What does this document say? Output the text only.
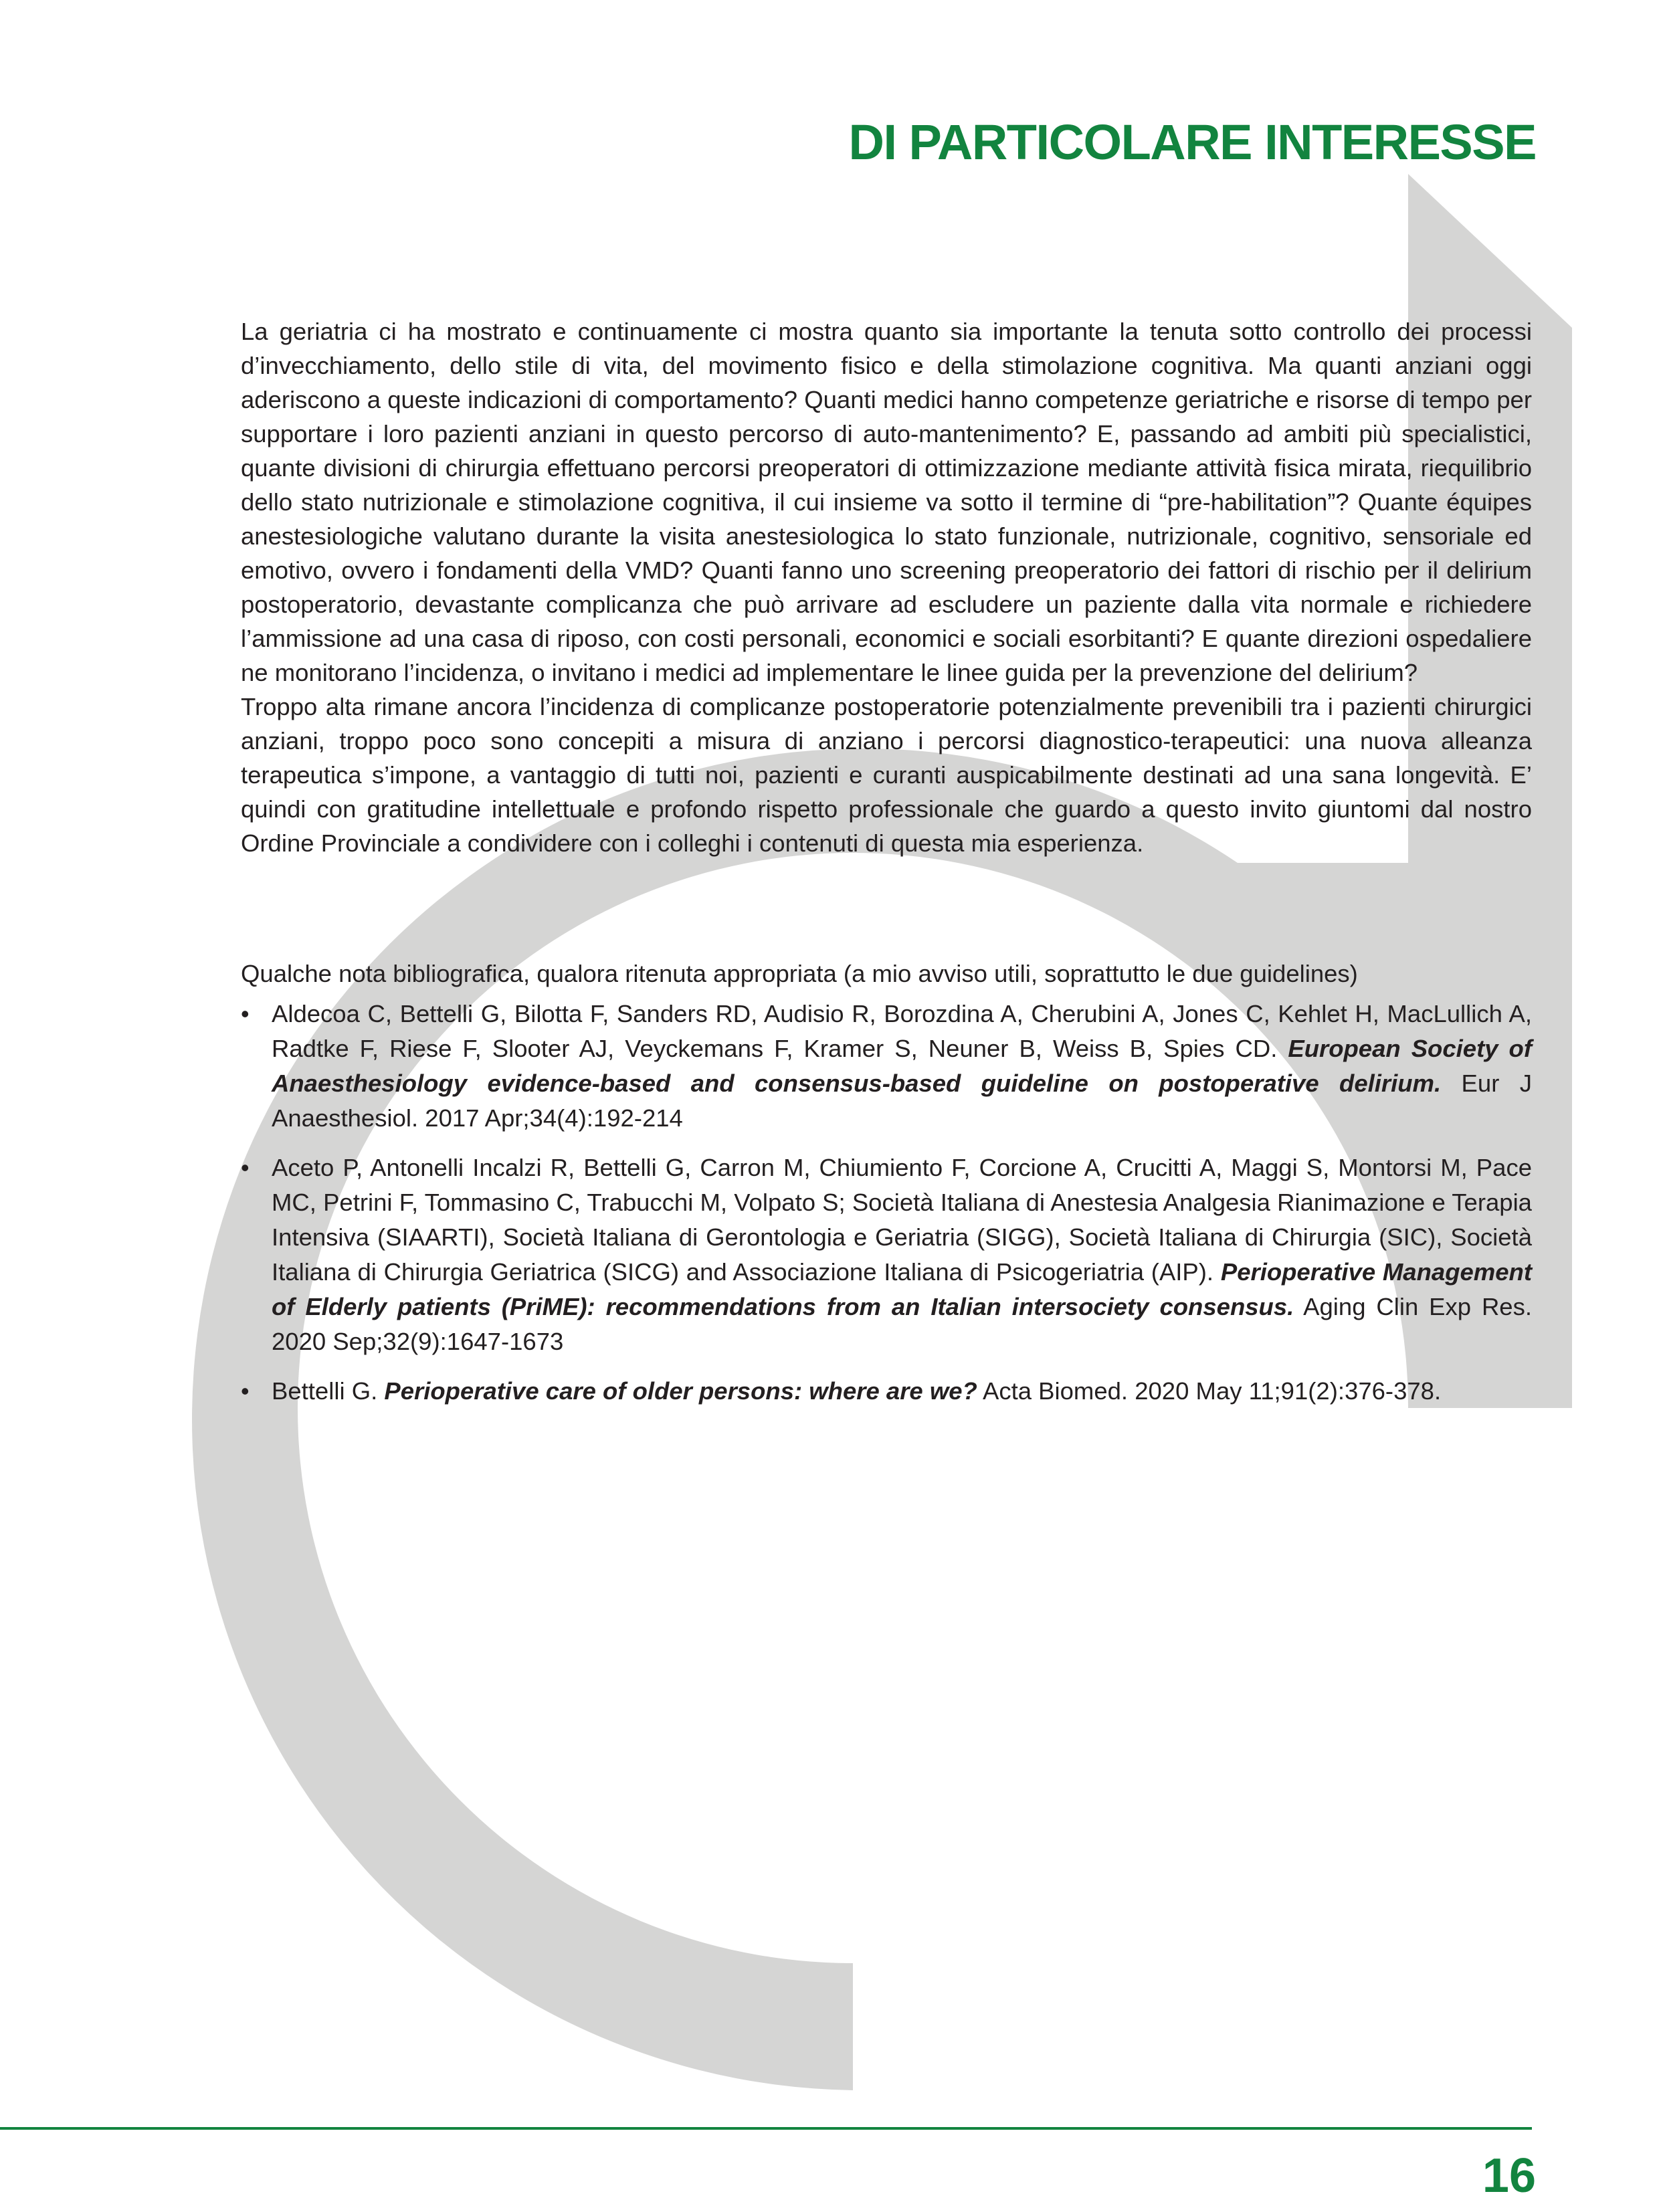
DI PARTICOLARE INTERESSE

La geriatria ci ha mostrato e continuamente ci mostra quanto sia importante la tenuta sotto controllo dei processi d’invecchiamento, dello stile di vita, del movimento fisico e della stimolazione cognitiva. Ma quanti anziani oggi aderiscono a queste indicazioni di comportamento? Quanti medici hanno competenze geriatriche e risorse di tempo per supportare i loro pazienti anziani in questo percorso di auto-mantenimento? E, passando ad ambiti più specialistici, quante divisioni di chirurgia effettuano percorsi preoperatori di ottimizzazione mediante attività fisica mirata, riequilibrio dello stato nutrizionale e stimolazione cognitiva, il cui insieme va sotto il termine di “pre-habilitation”? Quante équipes anestesiologiche valutano durante la visita anestesiologica lo stato funzionale, nutrizionale, cognitivo, sensoriale ed emotivo, ovvero i fondamenti della VMD? Quanti fanno uno screening preoperatorio dei fattori di rischio per il delirium postoperatorio, devastante complicanza che può arrivare ad escludere un paziente dalla vita normale e richiedere l’ammissione ad una casa di riposo, con costi personali, economici e sociali esorbitanti? E quante direzioni ospedaliere ne monitorano l’incidenza, o invitano i medici ad implementare le linee guida per la prevenzione del delirium?

Troppo alta rimane ancora l’incidenza di complicanze postoperatorie potenzialmente prevenibili tra i pazienti chirurgici anziani, troppo poco sono concepiti a misura di anziano i percorsi diagnostico-terapeutici: una nuova alleanza terapeutica s’impone, a vantaggio di tutti noi, pazienti e curanti auspicabilmente destinati ad una sana longevità. E’ quindi con gratitudine intellettuale e profondo rispetto professionale che guardo a questo invito giuntomi dal nostro Ordine Provinciale a condividere con i colleghi i contenuti di questa mia esperienza.

Qualche nota bibliografica, qualora ritenuta appropriata (a mio avviso utili, soprattutto le due guidelines)

• Aldecoa C, Bettelli G, Bilotta F, Sanders RD, Audisio R, Borozdina A, Cherubini A, Jones C, Kehlet H, MacLullich A, Radtke F, Riese F, Slooter AJ, Veyckemans F, Kramer S, Neuner B, Weiss B, Spies CD. European Society of Anaesthesiology evidence-based and consensus-based guideline on postoperative delirium. Eur J Anaesthesiol. 2017 Apr;34(4):192-214
• Aceto P, Antonelli Incalzi R, Bettelli G, Carron M, Chiumiento F, Corcione A, Crucitti A, Maggi S, Montorsi M, Pace MC, Petrini F, Tommasino C, Trabucchi M, Volpato S; Società Italiana di Anestesia Analgesia Rianimazione e Terapia Intensiva (SIAARTI), Società Italiana di Gerontologia e Geriatria (SIGG), Società Italiana di Chirurgia (SIC), Società Italiana di Chirurgia Geriatrica (SICG) and Associazione Italiana di Psicogeriatria (AIP). Perioperative Management of Elderly patients (PriME): recommendations from an Italian intersociety consensus. Aging Clin Exp Res. 2020 Sep;32(9):1647-1673
• Bettelli G. Perioperative care of older persons: where are we? Acta Biomed. 2020 May 11;91(2):376-378.

16
